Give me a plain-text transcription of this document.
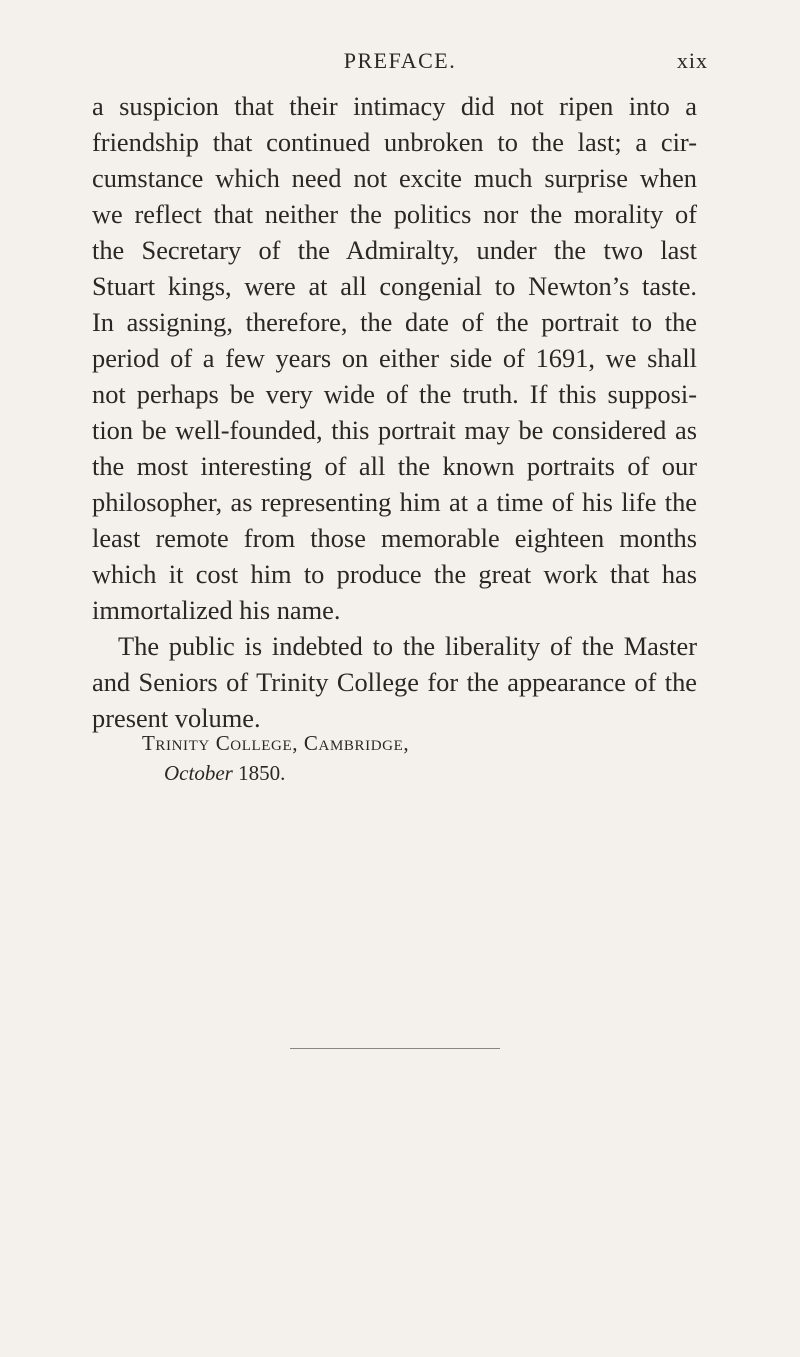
PREFACE.	xix
a suspicion that their intimacy did not ripen into a
friendship that continued unbroken to the last; a cir-
cumstance which need not excite much surprise when
we reflect that neither the politics nor the morality of
the Secretary of the Admiralty, under the two last
Stuart kings, were at all congenial to Newton’s taste.
In assigning, therefore, the date of the portrait to the
period of a few years on either side of 1691, we shall
not perhaps be very wide of the truth. If this supposi-
tion be well-founded, this portrait may be considered as
the most interesting of all the known portraits of our
philosopher, as representing him at a time of his life the
least remote from those memorable eighteen months
which it cost him to produce the great work that has
immortalized his name.
The public is indebted to the liberality of the Master
and Seniors of Trinity College for the appearance of the
present volume.
Trinity College, Cambridge,
October 1850.
